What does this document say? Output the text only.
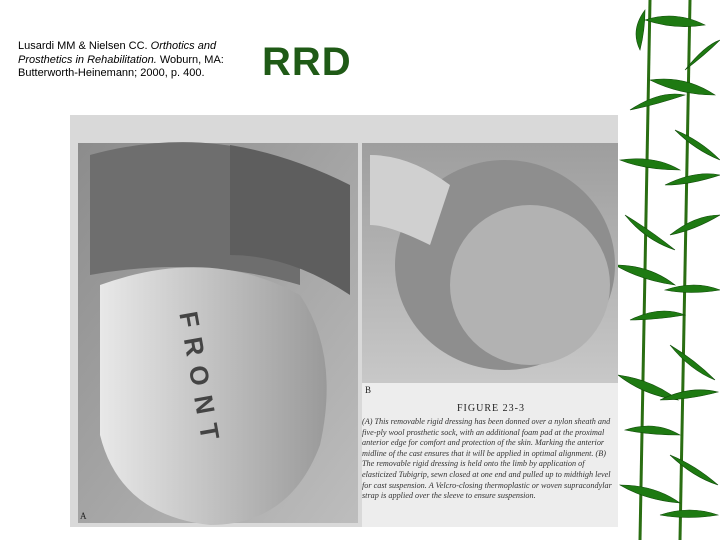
Lusardi MM & Nielsen CC. Orthotics and Prosthetics in Rehabilitation. Woburn, MA: Butterworth-Heinemann; 2000, p. 400.	RRD
A
B
FRONT	FIGURE 23-3
(A) This removable rigid dressing has been donned over a nylon sheath and five-ply wool prosthetic sock, with an additional foam pad at the proximal anterior edge for comfort and protection of the skin. Marking the anterior midline of the cast ensures that it will be applied in optimal alignment. (B) The removable rigid dressing is held onto the limb by application of elasticized Tubigrip, sewn closed at one end and pulled up to midthigh level for cast suspension. A Velcro-closing thermoplastic or woven supracondylar strap is applied over the sleeve to ensure suspension.
